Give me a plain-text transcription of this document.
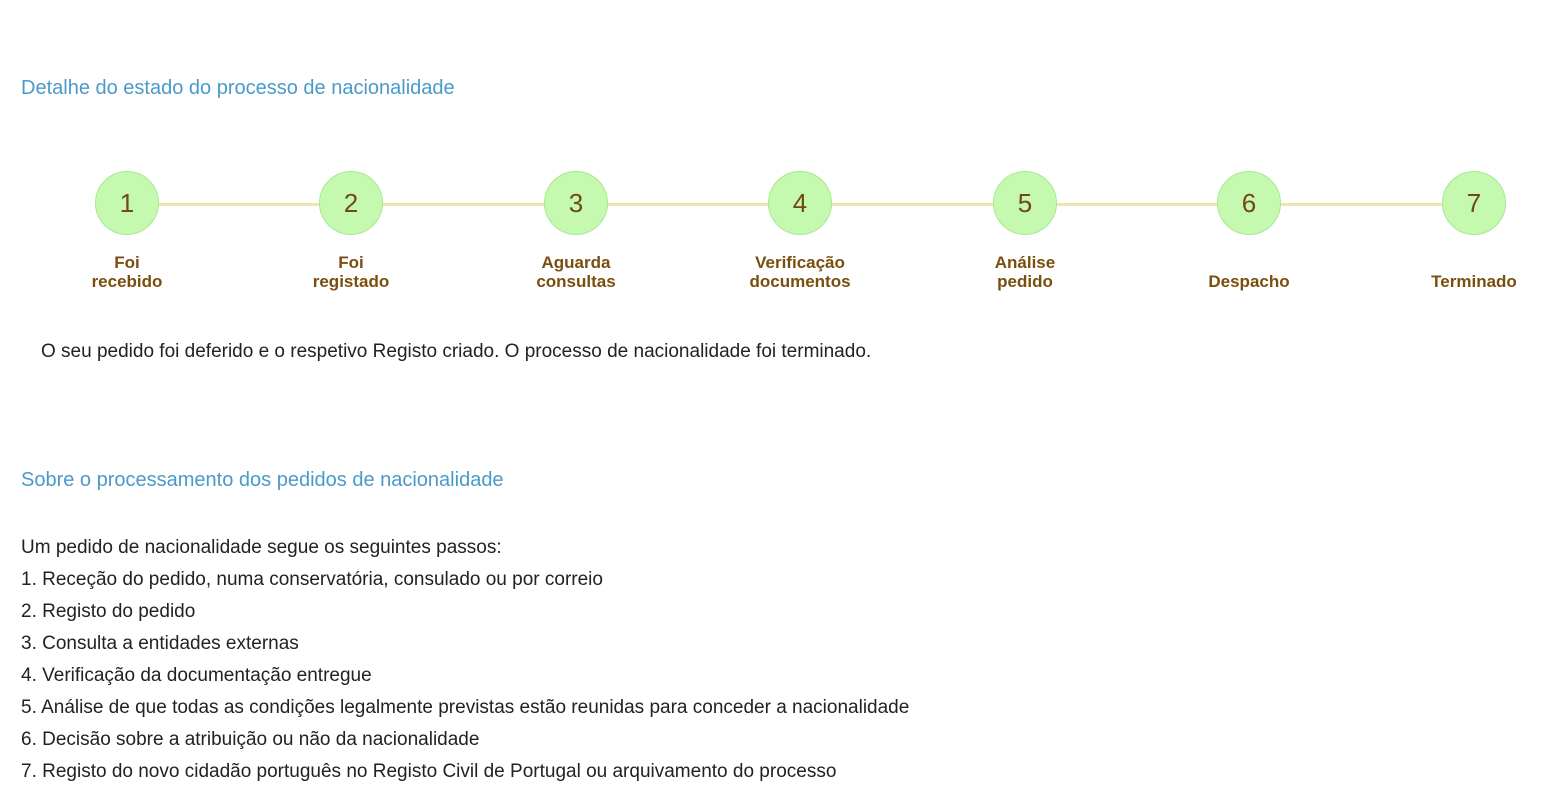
Detalhe do estado do processo de nacionalidade
1
Foi
recebido
2
Foi
registado
3
Aguarda
consultas
4
Verificação
documentos
5
Análise
pedido
6
Despacho
7
Terminado

O seu pedido foi deferido e o respetivo Registo criado. O processo de nacionalidade foi terminado.

Sobre o processamento dos pedidos de nacionalidade

Um pedido de nacionalidade segue os seguintes passos:

1. Receção do pedido, numa conservatória, consulado ou por correio
2. Registo do pedido
3. Consulta a entidades externas
4. Verificação da documentação entregue
5. Análise de que todas as condições legalmente previstas estão reunidas para conceder a nacionalidade
6. Decisão sobre a atribuição ou não da nacionalidade
7. Registo do novo cidadão português no Registo Civil de Portugal ou arquivamento do processo
